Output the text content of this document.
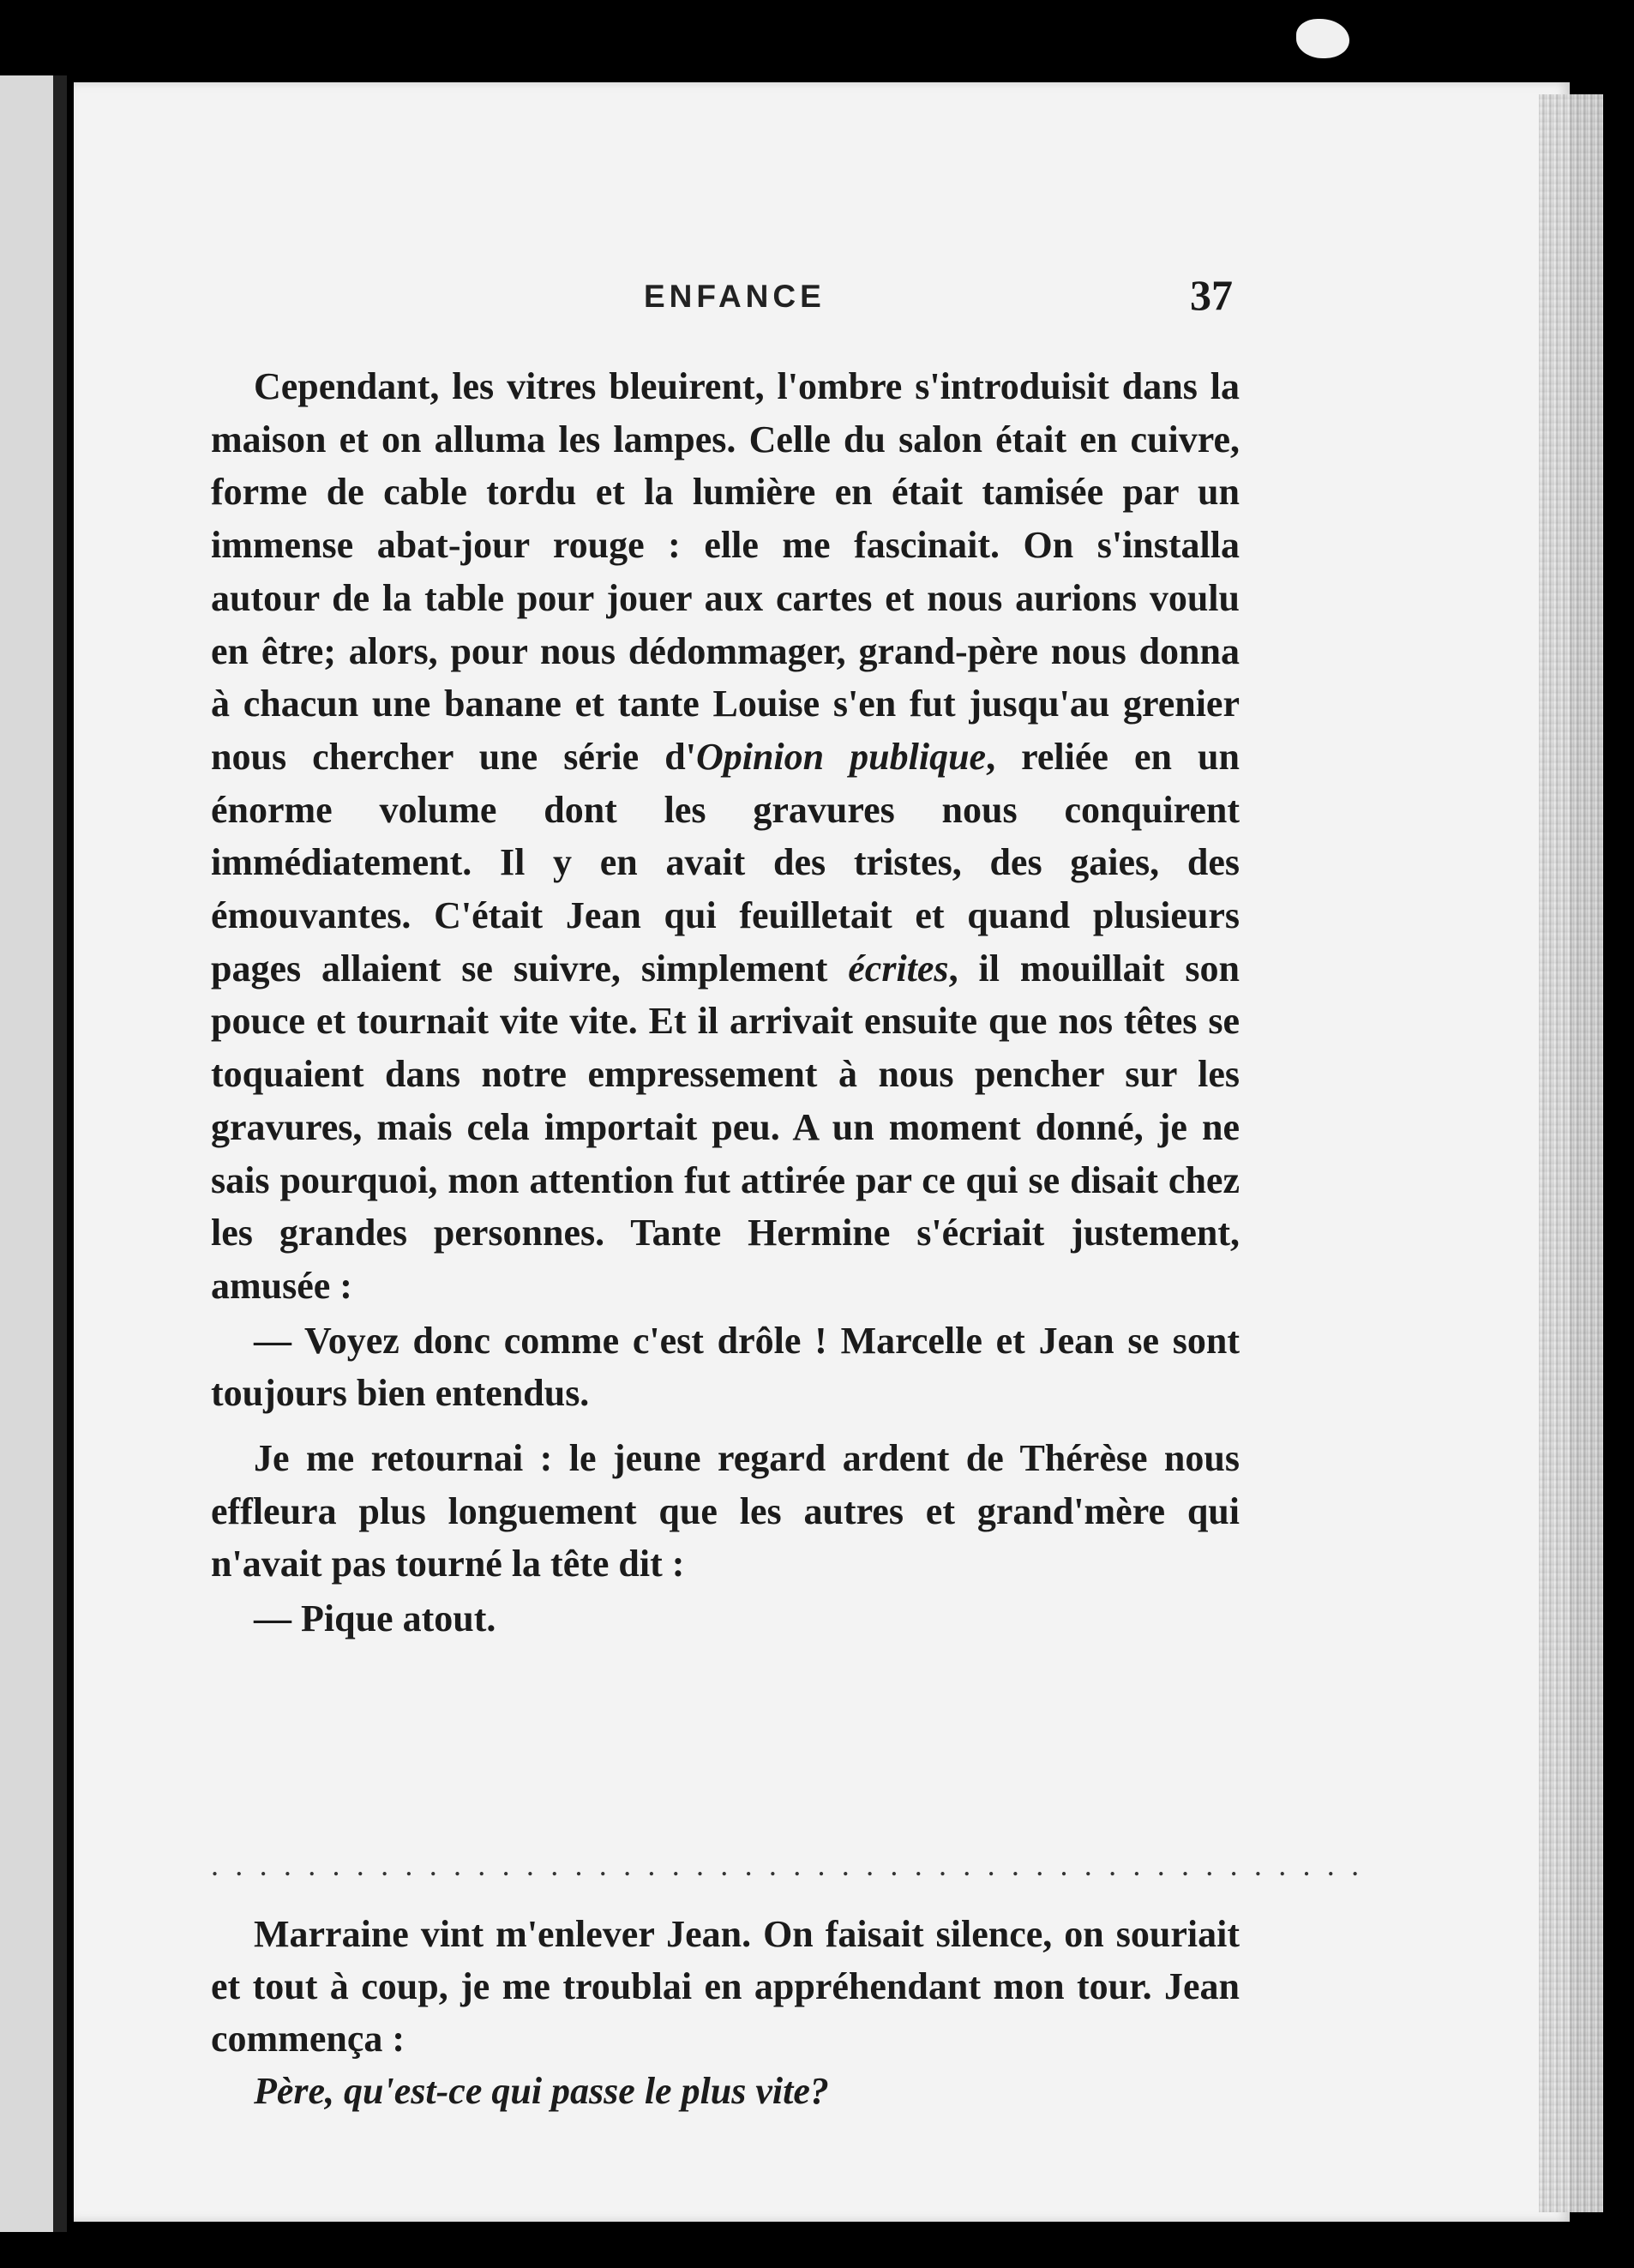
ENFANCE	37

Cependant, les vitres bleuirent, l'ombre s'introduisit dans la maison et on alluma les lampes. Celle du salon était en cuivre, forme de cable tordu et la lumière en était tamisée par un immense abat-jour rouge : elle me fascinait. On s'installa autour de la table pour jouer aux cartes et nous aurions voulu en être; alors, pour nous dédommager, grand-père nous donna à chacun une banane et tante Louise s'en fut jusqu'au grenier nous chercher une série d'Opinion publique, reliée en un énorme volume dont les gravures nous conquirent immédiatement. Il y en avait des tristes, des gaies, des émouvantes. C'était Jean qui feuilletait et quand plusieurs pages allaient se suivre, simplement écrites, il mouillait son pouce et tournait vite vite. Et il arrivait ensuite que nos têtes se toquaient dans notre empressement à nous pencher sur les gravures, mais cela importait peu. A un moment donné, je ne sais pourquoi, mon attention fut attirée par ce qui se disait chez les grandes personnes. Tante Hermine s'écriait justement, amusée :

— Voyez donc comme c'est drôle ! Marcelle et Jean se sont toujours bien entendus.

Je me retournai : le jeune regard ardent de Thérèse nous effleura plus longuement que les autres et grand'mère qui n'avait pas tourné la tête dit :

— Pique atout.

................................................

Marraine vint m'enlever Jean. On faisait silence, on souriait et tout à coup, je me troublai en appréhendant mon tour. Jean commença :

Père, qu'est-ce qui passe le plus vite?
